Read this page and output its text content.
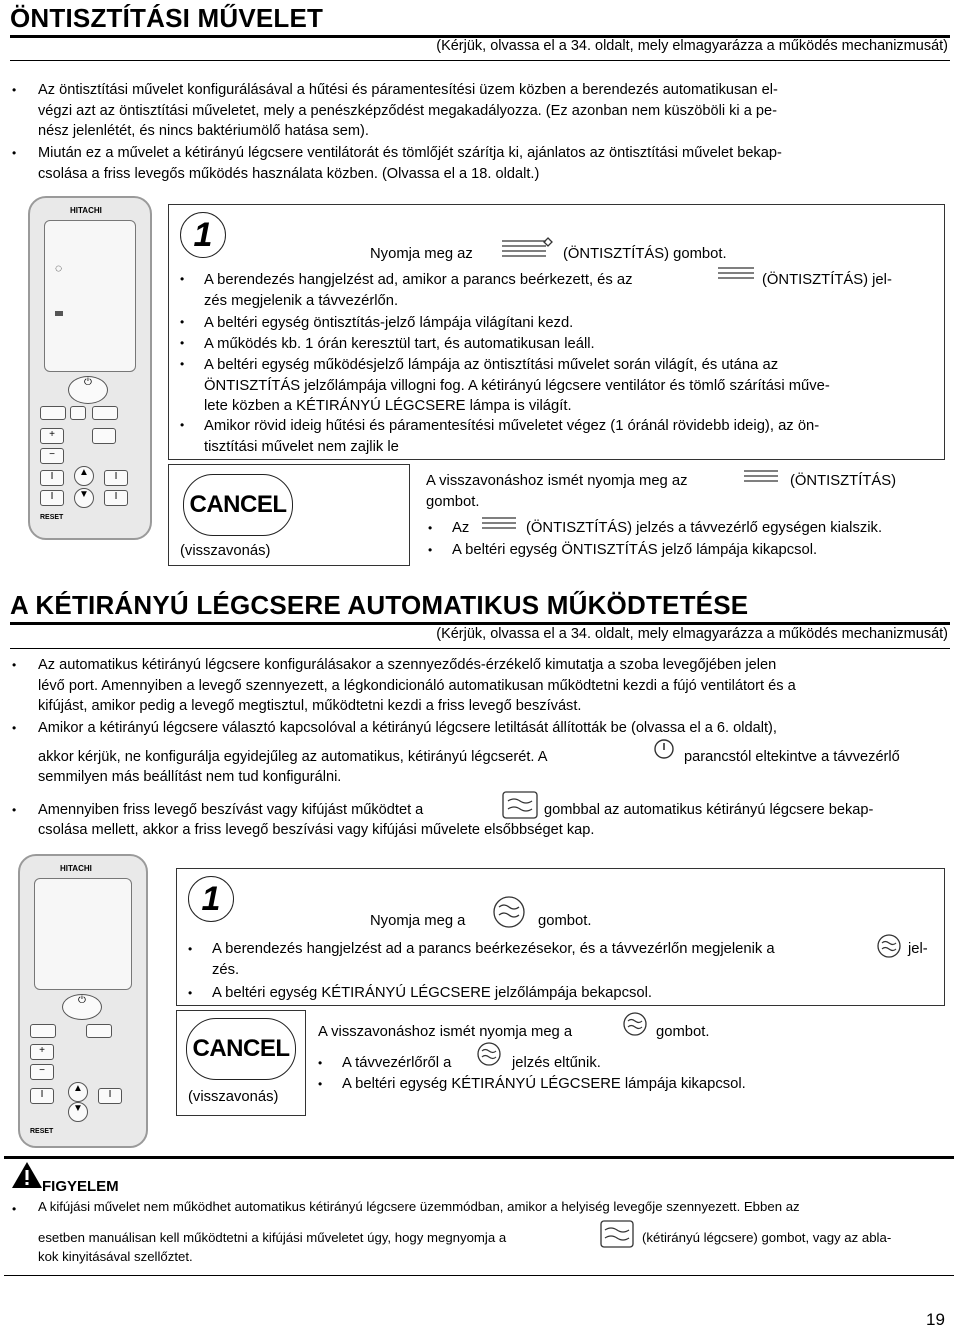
ÖNTISZTÍTÁSI MŰVELET
(Kérjük, olvassa el a 34. oldalt, mely elmagyarázza a működés mechanizmusát)
• Az öntisztítási művelet konfigurálásával a hűtési és páramentesítési üzem közben a berendezés automatikusan el-
végzi azt az öntisztítási műveletet, mely a penészképződést megakadályozza. (Ez azonban nem küszöböli ki a pe-
nész jelenlétét, és nincs baktériumölő hatása sem).
• Miután ez a művelet a kétirányú légcsere ventilátorát és tömlőjét szárítja ki, ajánlatos az öntisztítási művelet bekap-
csolása a friss levegős működés használata közben. (Olvassa el a 18. oldalt.)
HITACHI
◌
⏻
+
−
▲
▼
I	I
I	I
RESET
1	Nyomja meg az	(ÖNTISZTÍTÁS) gombot.
• A berendezés hangjelzést ad, amikor a parancs beérkezett, és az	(ÖNTISZTÍTÁS) jel-
zés megjelenik a távvezérlőn.
• A beltéri egység öntisztítás-jelző lámpája világítani kezd.
• A működés kb. 1 órán keresztül tart, és automatikusan leáll.
• A beltéri egység működésjelző lámpája az öntisztítási művelet során világít, és utána az
ÖNTISZTÍTÁS jelzőlámpája villogni fog. A kétirányú légcsere ventilátor és tömlő szárítási műve-
lete közben a KÉTIRÁNYÚ LÉGCSERE lámpa is világít.
• Amikor rövid ideig hűtési és páramentesítési műveletet végez (1 óránál rövidebb ideig), az ön-
tisztítási művelet nem zajlik le
CANCEL
(visszavonás)
A visszavonáshoz ismét nyomja meg az	(ÖNTISZTÍTÁS)
gombot.
• Az	(ÖNTISZTÍTÁS) jelzés a távvezérlő egységen kialszik.
• A beltéri egység ÖNTISZTÍTÁS jelző lámpája kikapcsol.
A KÉTIRÁNYÚ LÉGCSERE AUTOMATIKUS MŰKÖDTETÉSE
(Kérjük, olvassa el a 34. oldalt, mely elmagyarázza a működés mechanizmusát)
• Az automatikus kétirányú légcsere konfigurálásakor a szennyeződés-érzékelő kimutatja a szoba levegőjében jelen
lévő port. Amennyiben a levegő szennyezett, a légkondicionáló automatikusan működtetni kezdi a fújó ventilátort és a
kifújást, amikor pedig a levegő megtisztul, működtetni kezdi a friss levegő beszívást.
• Amikor a kétirányú légcsere választó kapcsolóval a kétirányú légcsere letiltását állították be (olvassa el a 6. oldalt),
akkor kérjük, ne konfigurálja egyidejűleg az automatikus, kétirányú légcserét. A	parancstól eltekintve a távvezérlő
semmilyen más beállítást nem tud konfigurálni.
• Amennyiben friss levegő beszívást vagy kifújást működtet a	gombbal az automatikus kétirányú légcsere bekap-
csolása mellett, akkor a friss levegő beszívási vagy kifújási művelete elsőbbséget kap.
HITACHI
⏻
+
−
▲
▼
I	I
RESET
1
Nyomja meg a	gombot.
• A berendezés hangjelzést ad a parancs beérkezésekor, és a távvezérlőn megjelenik a	jel-
zés.
• A beltéri egység KÉTIRÁNYÚ LÉGCSERE jelzőlámpája bekapcsol.
CANCEL
(visszavonás)
A visszavonáshoz ismét nyomja meg a	gombot.
• A távvezérlőről a	jelzés eltűnik.
• A beltéri egység KÉTIRÁNYÚ LÉGCSERE lámpája kikapcsol.
FIGYELEM
• A kifújási művelet nem működhet automatikus kétirányú légcsere üzemmódban, amikor a helyiség levegője szennyezett. Ebben az
esetben manuálisan kell működtetni a kifújási műveletet úgy, hogy megnyomja a	(kétirányú légcsere) gombot, vagy az abla-
kok kinyitásával szellőztet.
19
